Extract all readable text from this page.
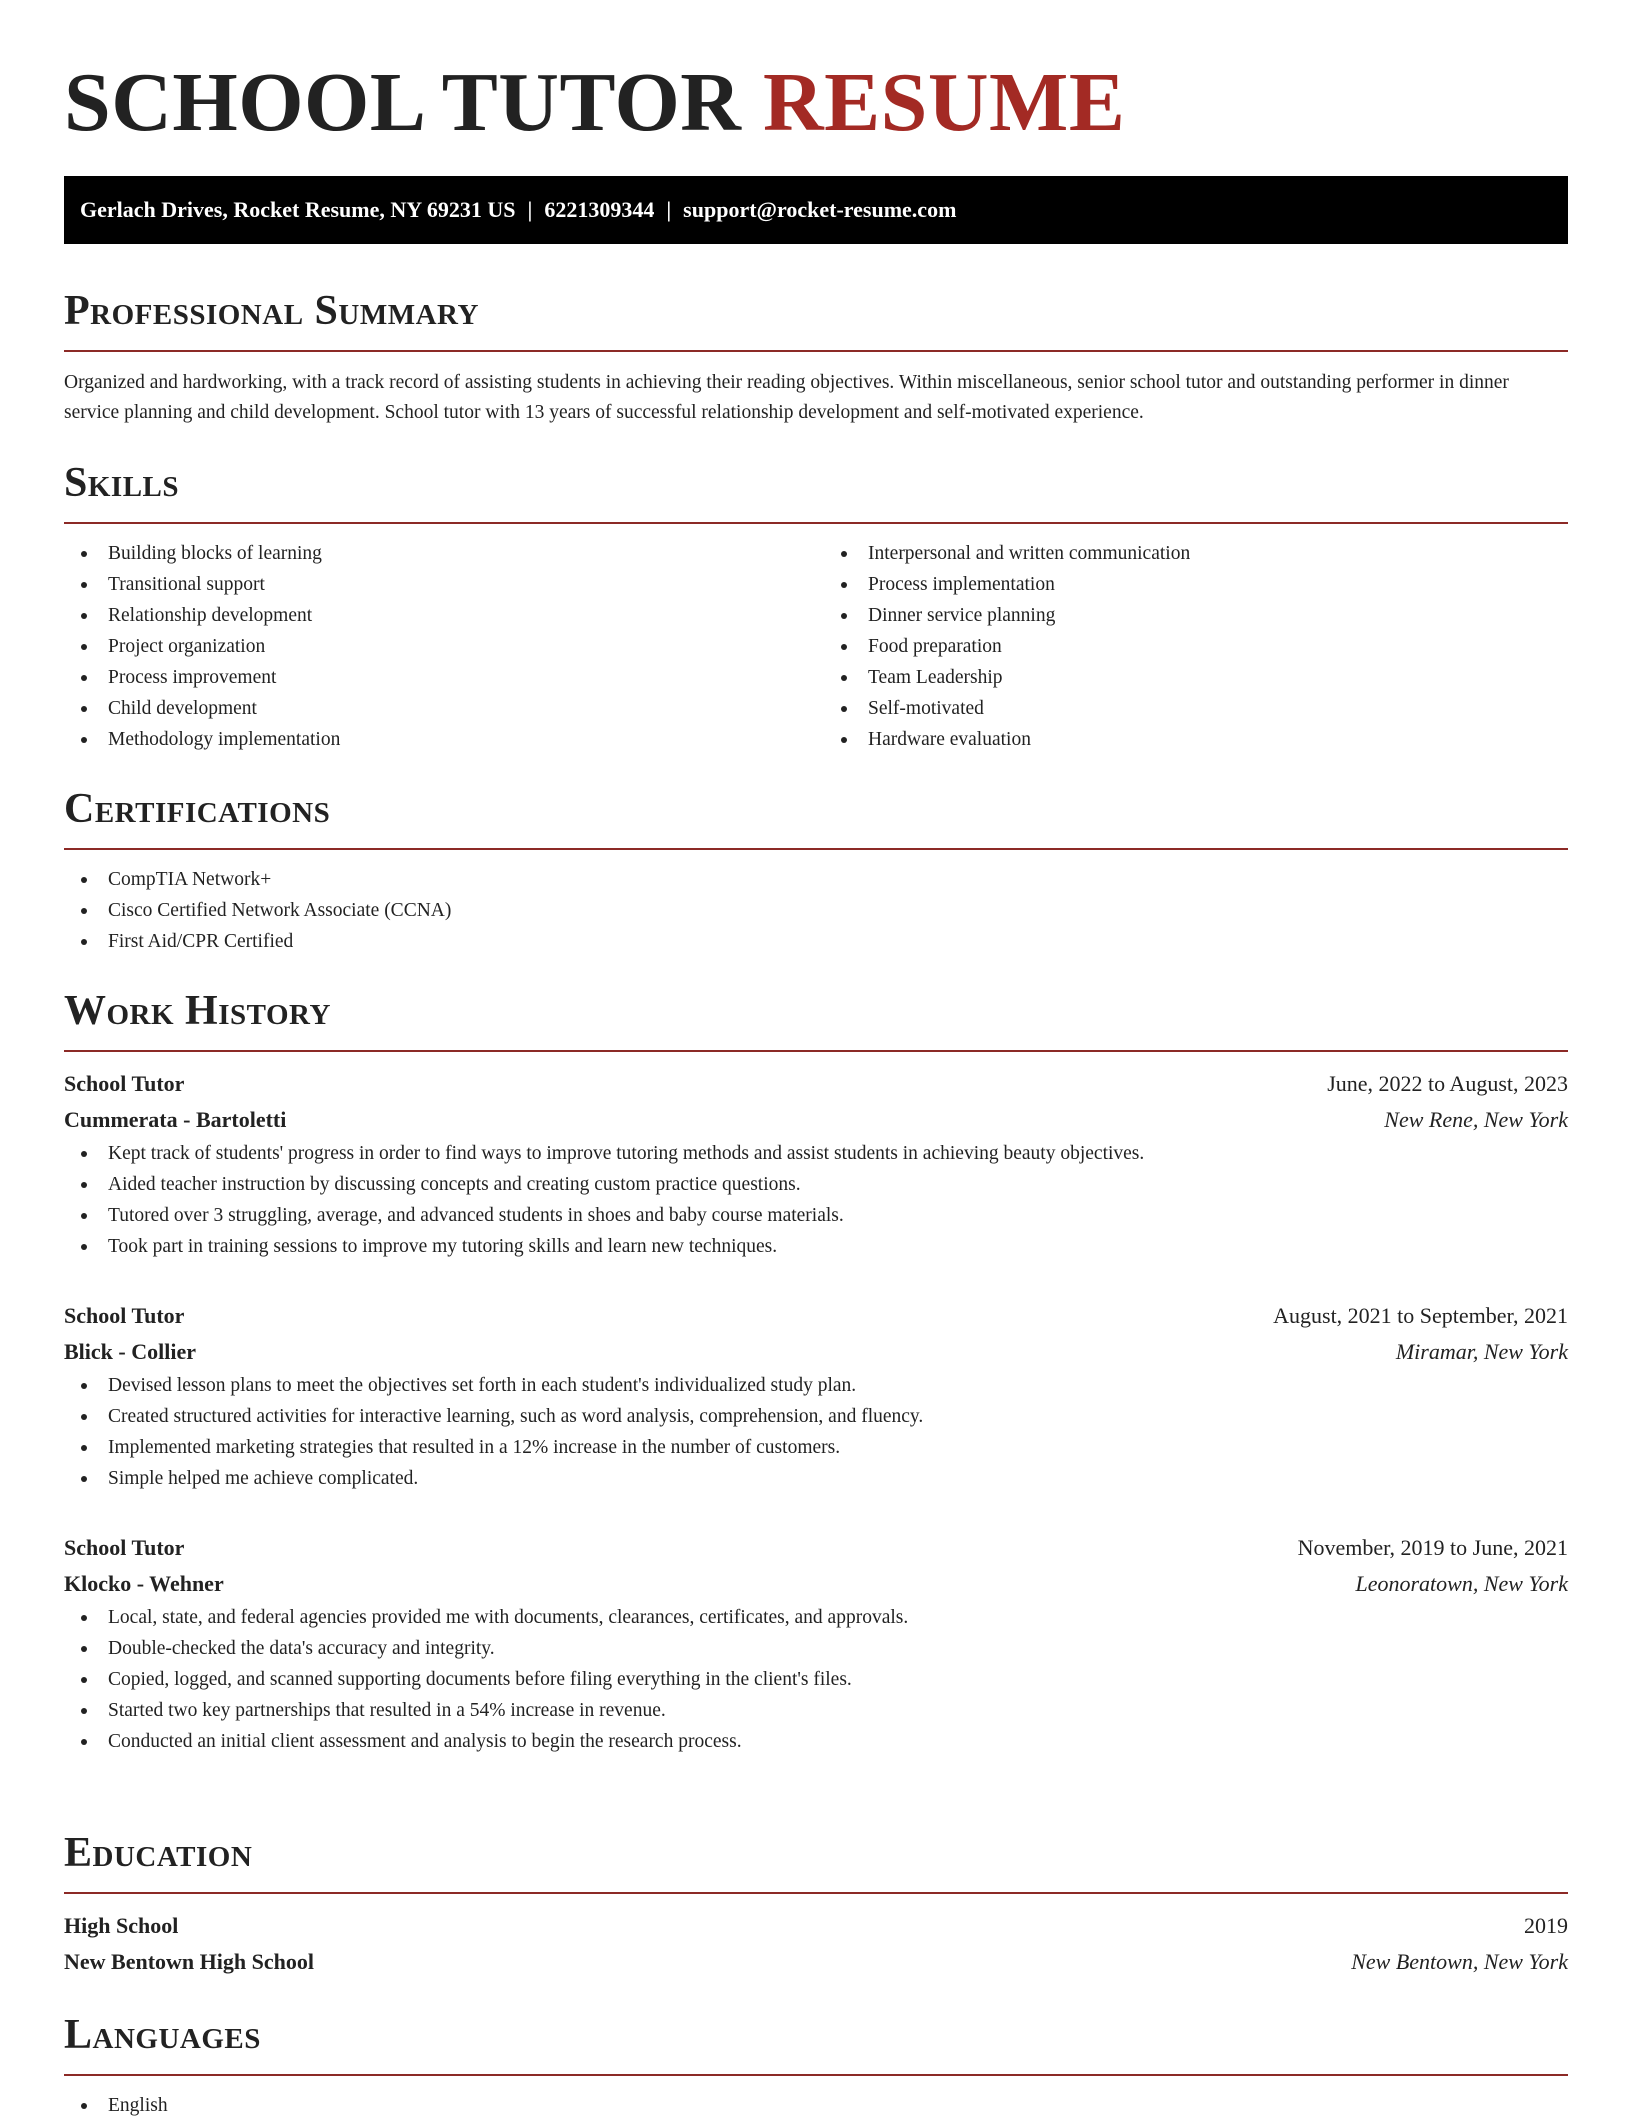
SCHOOL TUTOR RESUME
Gerlach Drives, Rocket Resume, NY 69231 US | 6221309344 | support@rocket-resume.com
Professional Summary

Organized and hardworking, with a track record of assisting students in achieving their reading objectives. Within miscellaneous, senior school tutor and outstanding performer in dinner service planning and child development. School tutor with 13 years of successful relationship development and self-motivated experience.

Skills
Building blocks of learning
Transitional support
Relationship development
Project organization
Process improvement
Child development
Methodology implementation
Interpersonal and written communication
Process implementation
Dinner service planning
Food preparation
Team Leadership
Self-motivated
Hardware evaluation
Certifications
CompTIA Network+
Cisco Certified Network Associate (CCNA)
First Aid/CPR Certified
Work History
School Tutor	June, 2022 to August, 2023
Cummerata - Bartoletti	New Rene, New York
Kept track of students' progress in order to find ways to improve tutoring methods and assist students in achieving beauty objectives.
Aided teacher instruction by discussing concepts and creating custom practice questions.
Tutored over 3 struggling, average, and advanced students in shoes and baby course materials.
Took part in training sessions to improve my tutoring skills and learn new techniques.
School Tutor	August, 2021 to September, 2021
Blick - Collier	Miramar, New York
Devised lesson plans to meet the objectives set forth in each student's individualized study plan.
Created structured activities for interactive learning, such as word analysis, comprehension, and fluency.
Implemented marketing strategies that resulted in a 12% increase in the number of customers.
Simple helped me achieve complicated.
School Tutor	November, 2019 to June, 2021
Klocko - Wehner	Leonoratown, New York
Local, state, and federal agencies provided me with documents, clearances, certificates, and approvals.
Double-checked the data's accuracy and integrity.
Copied, logged, and scanned supporting documents before filing everything in the client's files.
Started two key partnerships that resulted in a 54% increase in revenue.
Conducted an initial client assessment and analysis to begin the research process.
Education
High School	2019
New Bentown High School	New Bentown, New York
Languages
English
